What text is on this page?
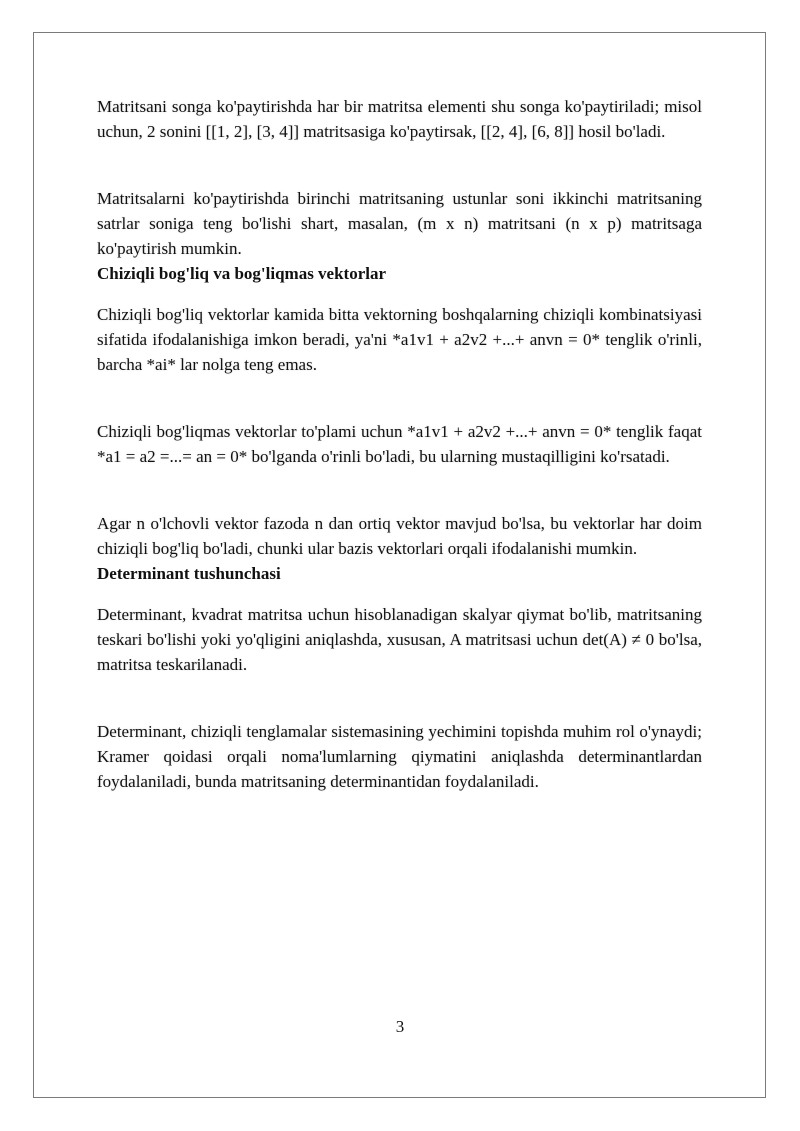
Matritsani songa ko'paytirishda har bir matritsa elementi shu songa ko'paytiriladi; misol uchun, 2 sonini [[1, 2], [3, 4]] matritsasiga ko'paytirsak, [[2, 4], [6, 8]] hosil bo'ladi.

Matritsalarni ko'paytirishda birinchi matritsaning ustunlar soni ikkinchi matritsaning satrlar soniga teng bo'lishi shart, masalan, (m x n) matritsani (n x p) matritsaga ko'paytirish mumkin.

Chiziqli bog'liq va bog'liqmas vektorlar

Chiziqli bog'liq vektorlar kamida bitta vektorning boshqalarning chiziqli kombinatsiyasi sifatida ifodalanishiga imkon beradi, ya'ni *a1v1 + a2v2 +...+ anvn = 0* tenglik o'rinli, barcha *ai* lar nolga teng emas.

Chiziqli bog'liqmas vektorlar to'plami uchun *a1v1 + a2v2 +...+ anvn = 0* tenglik faqat *a1 = a2 =...= an = 0* bo'lganda o'rinli bo'ladi, bu ularning mustaqilligini ko'rsatadi.

Agar n o'lchovli vektor fazoda n dan ortiq vektor mavjud bo'lsa, bu vektorlar har doim chiziqli bog'liq bo'ladi, chunki ular bazis vektorlari orqali ifodalanishi mumkin.

Determinant tushunchasi

Determinant, kvadrat matritsa uchun hisoblanadigan skalyar qiymat bo'lib, matritsaning teskari bo'lishi yoki yo'qligini aniqlashda, xususan, A matritsasi uchun det(A) ≠ 0 bo'lsa, matritsa teskarilanadi.

Determinant, chiziqli tenglamalar sistemasining yechimini topishda muhim rol o'ynaydi; Kramer qoidasi orqali noma'lumlarning qiymatini aniqlashda determinantlardan foydalaniladi, bunda matritsaning determinantidan foydalaniladi.

3
